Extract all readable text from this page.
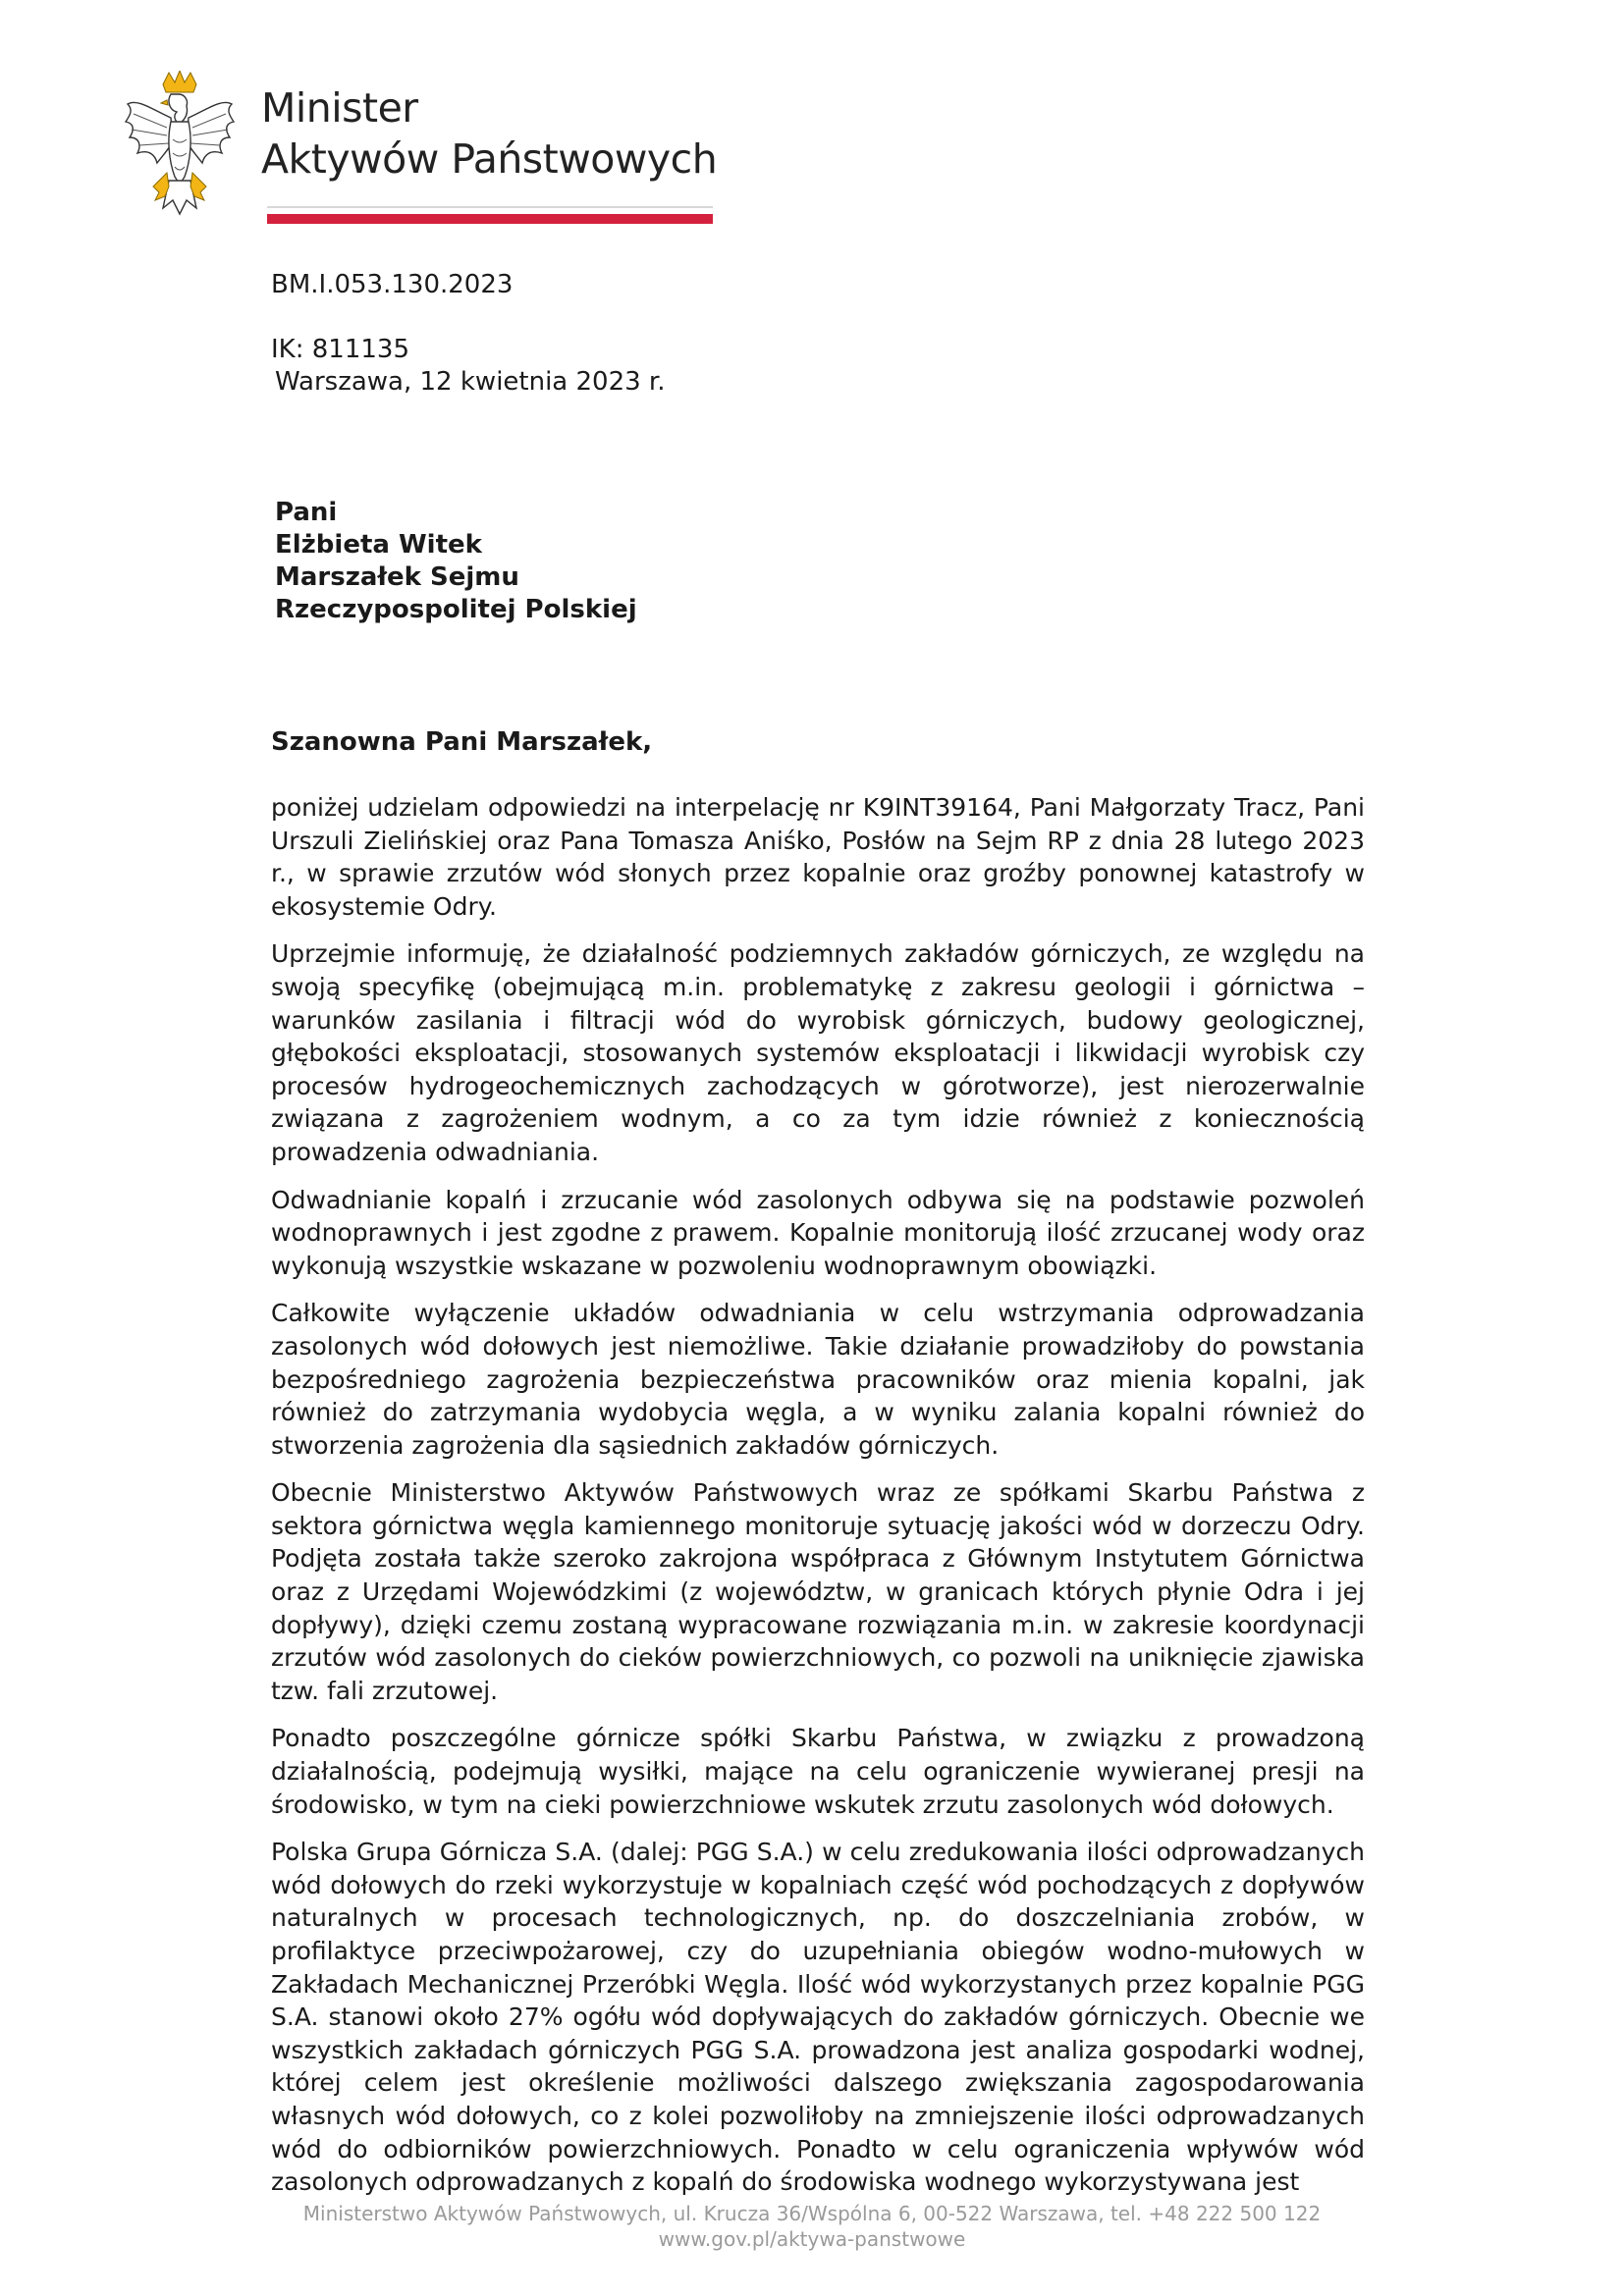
Minister
Aktywów Państwowych
BM.I.053.130.2023
IK: 811135
Warszawa, 12 kwietnia 2023 r.
Pani
Elżbieta Witek
Marszałek Sejmu
Rzeczypospolitej Polskiej
Szanowna Pani Marszałek,

poniżej udzielam odpowiedzi na interpelację nr K9INT39164, Pani Małgorzaty Tracz, Pani Urszuli Zielińskiej oraz Pana Tomasza Aniśko, Posłów na Sejm RP z dnia 28 lutego 2023 r., w sprawie zrzutów wód słonych przez kopalnie oraz groźby ponownej katastrofy w ekosystemie Odry.

Uprzejmie informuję, że działalność podziemnych zakładów górniczych, ze względu na swoją specyfikę (obejmującą m.in. problematykę z zakresu geologii i górnictwa – warunków zasilania i filtracji wód do wyrobisk górniczych, budowy geologicznej, głębokości eksploatacji, stosowanych systemów eksploatacji i likwidacji wyrobisk czy procesów hydrogeochemicznych zachodzących w górotworze), jest nierozerwalnie związana z zagrożeniem wodnym, a co za tym idzie również z koniecznością prowadzenia odwadniania.

Odwadnianie kopalń i zrzucanie wód zasolonych odbywa się na podstawie pozwoleń wodnoprawnych i jest zgodne z prawem. Kopalnie monitorują ilość zrzucanej wody oraz wykonują wszystkie wskazane w pozwoleniu wodnoprawnym obowiązki.

Całkowite wyłączenie układów odwadniania w celu wstrzymania odprowadzania zasolonych wód dołowych jest niemożliwe. Takie działanie prowadziłoby do powstania bezpośredniego zagrożenia bezpieczeństwa pracowników oraz mienia kopalni, jak również do zatrzymania wydobycia węgla, a w wyniku zalania kopalni również do stworzenia zagrożenia dla sąsiednich zakładów górniczych.

Obecnie Ministerstwo Aktywów Państwowych wraz ze spółkami Skarbu Państwa z sektora górnictwa węgla kamiennego monitoruje sytuację jakości wód w dorzeczu Odry. Podjęta została także szeroko zakrojona współpraca z Głównym Instytutem Górnictwa oraz z Urzędami Wojewódzkimi (z województw, w granicach których płynie Odra i jej dopływy), dzięki czemu zostaną wypracowane rozwiązania m.in. w zakresie koordynacji zrzutów wód zasolonych do cieków powierzchniowych, co pozwoli na uniknięcie zjawiska tzw. fali zrzutowej.

Ponadto poszczególne górnicze spółki Skarbu Państwa, w związku z prowadzoną działalnością, podejmują wysiłki, mające na celu ograniczenie wywieranej presji na środowisko, w tym na cieki powierzchniowe wskutek zrzutu zasolonych wód dołowych.

Polska Grupa Górnicza S.A. (dalej: PGG S.A.) w celu zredukowania ilości odprowadzanych wód dołowych do rzeki wykorzystuje w kopalniach część wód pochodzących z dopływów naturalnych w procesach technologicznych, np. do doszczelniania zrobów, w profilaktyce przeciwpożarowej, czy do uzupełniania obiegów wodno-mułowych w Zakładach Mechanicznej Przeróbki Węgla. Ilość wód wykorzystanych przez kopalnie PGG S.A. stanowi około 27% ogółu wód dopływających do zakładów górniczych. Obecnie we wszystkich zakładach górniczych PGG S.A. prowadzona jest analiza gospodarki wodnej, której celem jest określenie możliwości dalszego zwiększania zagospodarowania własnych wód dołowych, co z kolei pozwoliłoby na zmniejszenie ilości odprowadzanych wód do odbiorników powierzchniowych. Ponadto w celu ograniczenia wpływów wód zasolonych odprowadzanych z kopalń do środowiska wodnego wykorzystywana jest

Ministerstwo Aktywów Państwowych, ul. Krucza 36/Wspólna 6, 00-522 Warszawa, tel. +48 222 500 122
www.gov.pl/aktywa-panstwowe
